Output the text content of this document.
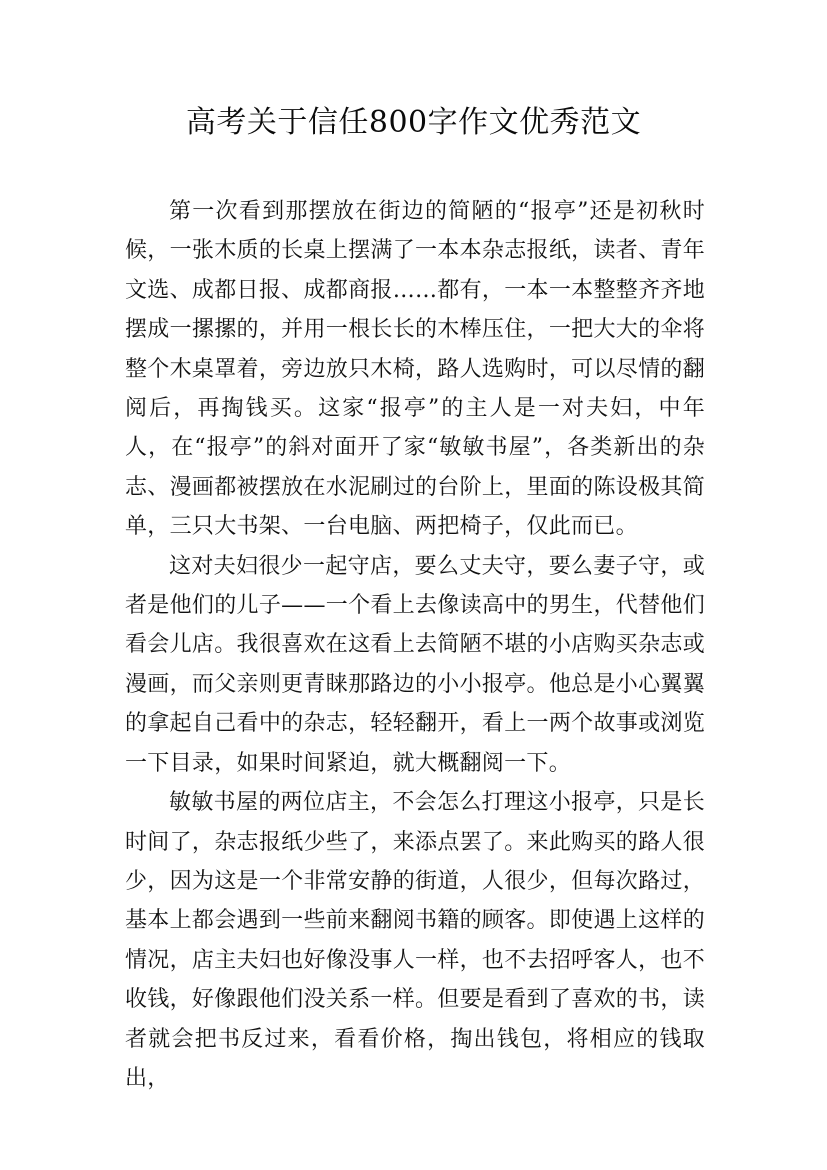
高考关于信任800字作文优秀范文

第一次看到那摆放在街边的简陋的“报亭”还是初秋时候，一张木质的长桌上摆满了一本本杂志报纸，读者、青年文选、成都日报、成都商报……都有，一本一本整整齐齐地摆成一摞摞的，并用一根长长的木棒压住，一把大大的伞将整个木桌罩着，旁边放只木椅，路人选购时，可以尽情的翻阅后，再掏钱买。这家“报亭”的主人是一对夫妇，中年人，在“报亭”的斜对面开了家“敏敏书屋”，各类新出的杂志、漫画都被摆放在水泥刷过的台阶上，里面的陈设极其简单，三只大书架、一台电脑、两把椅子，仅此而已。

这对夫妇很少一起守店，要么丈夫守，要么妻子守，或者是他们的儿子——一个看上去像读高中的男生，代替他们看会儿店。我很喜欢在这看上去简陋不堪的小店购买杂志或漫画，而父亲则更青睐那路边的小小报亭。他总是小心翼翼的拿起自己看中的杂志，轻轻翻开，看上一两个故事或浏览一下目录，如果时间紧迫，就大概翻阅一下。

敏敏书屋的两位店主，不会怎么打理这小报亭，只是长时间了，杂志报纸少些了，来添点罢了。来此购买的路人很少，因为这是一个非常安静的街道，人很少，但每次路过，基本上都会遇到一些前来翻阅书籍的顾客。即使遇上这样的情况，店主夫妇也好像没事人一样，也不去招呼客人，也不收钱，好像跟他们没关系一样。但要是看到了喜欢的书，读者就会把书反过来，看看价格，掏出钱包，将相应的钱取出，
